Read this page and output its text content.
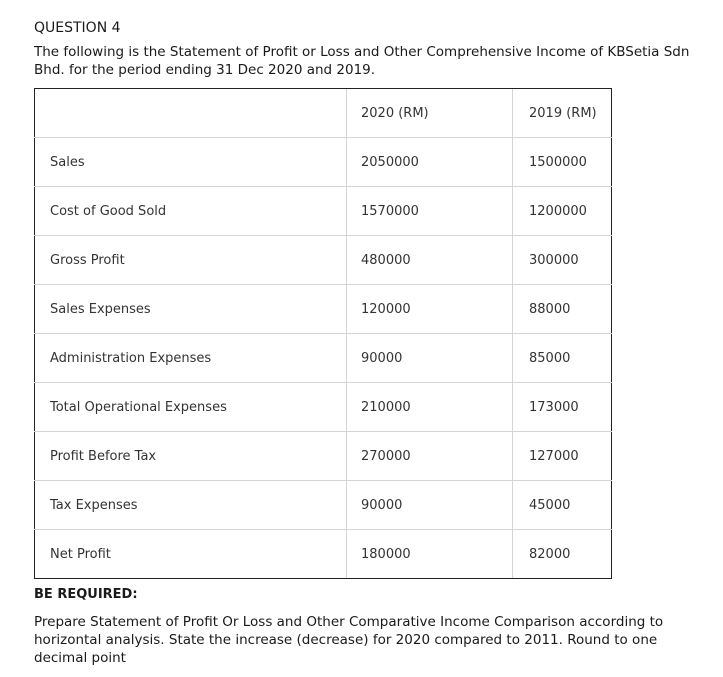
QUESTION 4
The following is the Statement of Profit or Loss and Other Comprehensive Income of KBSetia Sdn Bhd. for the period ending 31 Dec 2020 and 2019.
	2020 (RM)	2019 (RM)
Sales	2050000	1500000
Cost of Good Sold	1570000	1200000
Gross Profit	480000	300000
Sales Expenses	120000	88000
Administration Expenses	90000	85000
Total Operational Expenses	210000	173000
Profit Before Tax	270000	127000
Tax Expenses	90000	45000
Net Profit	180000	82000
BE REQUIRED:
Prepare Statement of Profit Or Loss and Other Comparative Income Comparison according to horizontal analysis. State the increase (decrease) for 2020 compared to 2011. Round to one decimal point
